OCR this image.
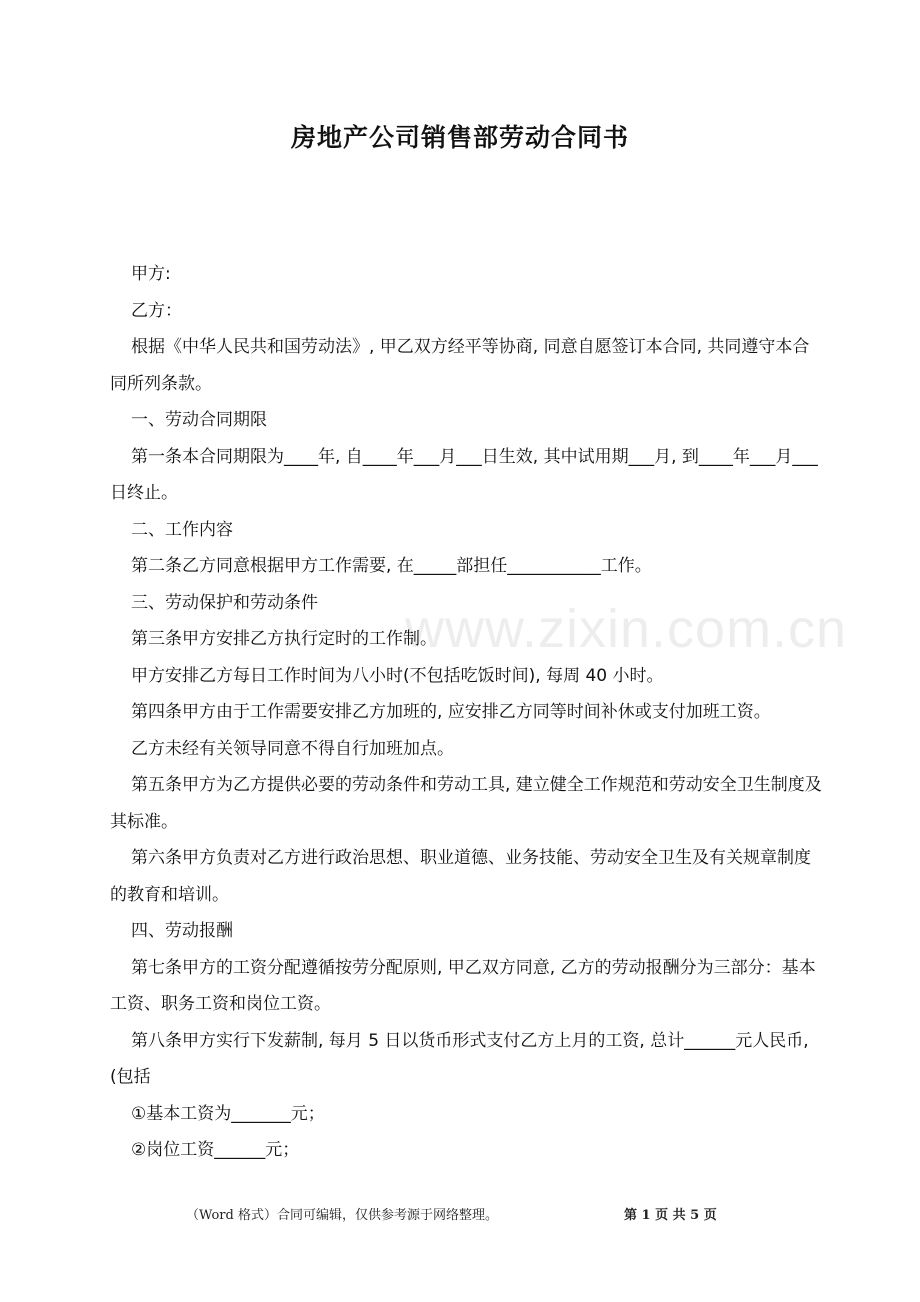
房地产公司销售部劳动合同书
www.zixin.com.cn

甲方:

乙方：

根据《中华人民共和国劳动法》, 甲乙双方经平等协商, 同意自愿签订本合同, 共同遵守本合同所列条款。

一、劳动合同期限

第一条本合同期限为____年, 自____年___月___日生效, 其中试用期___月, 到____年___月___日终止。

二、工作内容

第二条乙方同意根据甲方工作需要, 在_____部担任___________工作。

三、劳动保护和劳动条件

第三条甲方安排乙方执行定时的工作制。

甲方安排乙方每日工作时间为八小时(不包括吃饭时间), 每周 40 小时。

第四条甲方由于工作需要安排乙方加班的, 应安排乙方同等时间补休或支付加班工资。

乙方未经有关领导同意不得自行加班加点。

第五条甲方为乙方提供必要的劳动条件和劳动工具, 建立健全工作规范和劳动安全卫生制度及其标准。

第六条甲方负责对乙方进行政治思想、职业道德、业务技能、劳动安全卫生及有关规章制度的教育和培训。

四、劳动报酬

第七条甲方的工资分配遵循按劳分配原则, 甲乙双方同意, 乙方的劳动报酬分为三部分：基本工资、职务工资和岗位工资。

第八条甲方实行下发薪制, 每月 5 日以货币形式支付乙方上月的工资, 总计______元人民币, (包括

①基本工资为_______元；

②岗位工资______元；

（Word 格式）合同可编辑，仅供参考源于网络整理。	第 1 页 共 5 页
